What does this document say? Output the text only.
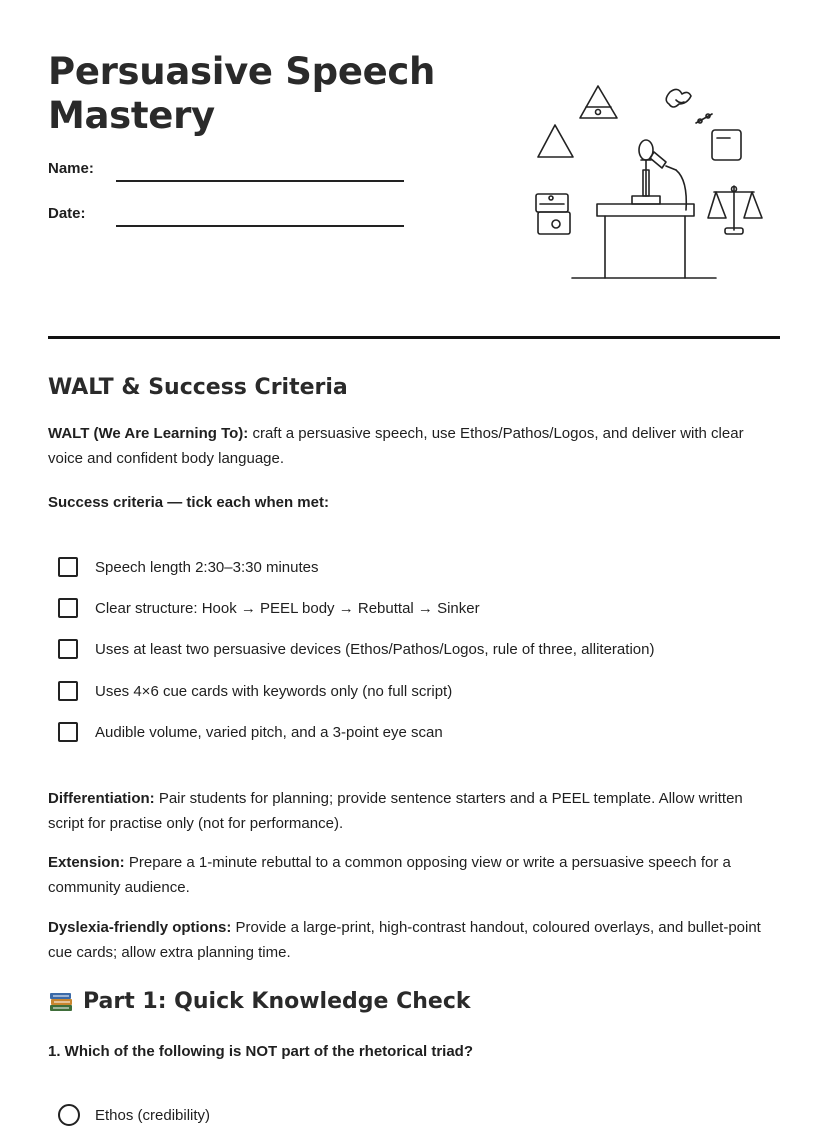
Persuasive Speech
Mastery
Name:
Date:
WALT & Success Criteria

WALT (We Are Learning To): craft a persuasive speech, use Ethos/Pathos/Logos, and deliver with clear voice and confident body language.

Success criteria — tick each when met:
Speech length 2:30–3:30 minutes
Clear structure: Hook → PEEL body → Rebuttal → Sinker
Uses at least two persuasive devices (Ethos/Pathos/Logos, rule of three, alliteration)
Uses 4×6 cue cards with keywords only (no full script)
Audible volume, varied pitch, and a 3-point eye scan

Differentiation: Pair students for planning; provide sentence starters and a PEEL template. Allow written script for practise only (not for performance).

Extension: Prepare a 1-minute rebuttal to a common opposing view or write a persuasive speech for a community audience.

Dyslexia-friendly options: Provide a large-print, high-contrast handout, coloured overlays, and bullet-point cue cards; allow extra planning time.

Part 1: Quick Knowledge Check
1. Which of the following is NOT part of the rhetorical triad?
Ethos (credibility)
